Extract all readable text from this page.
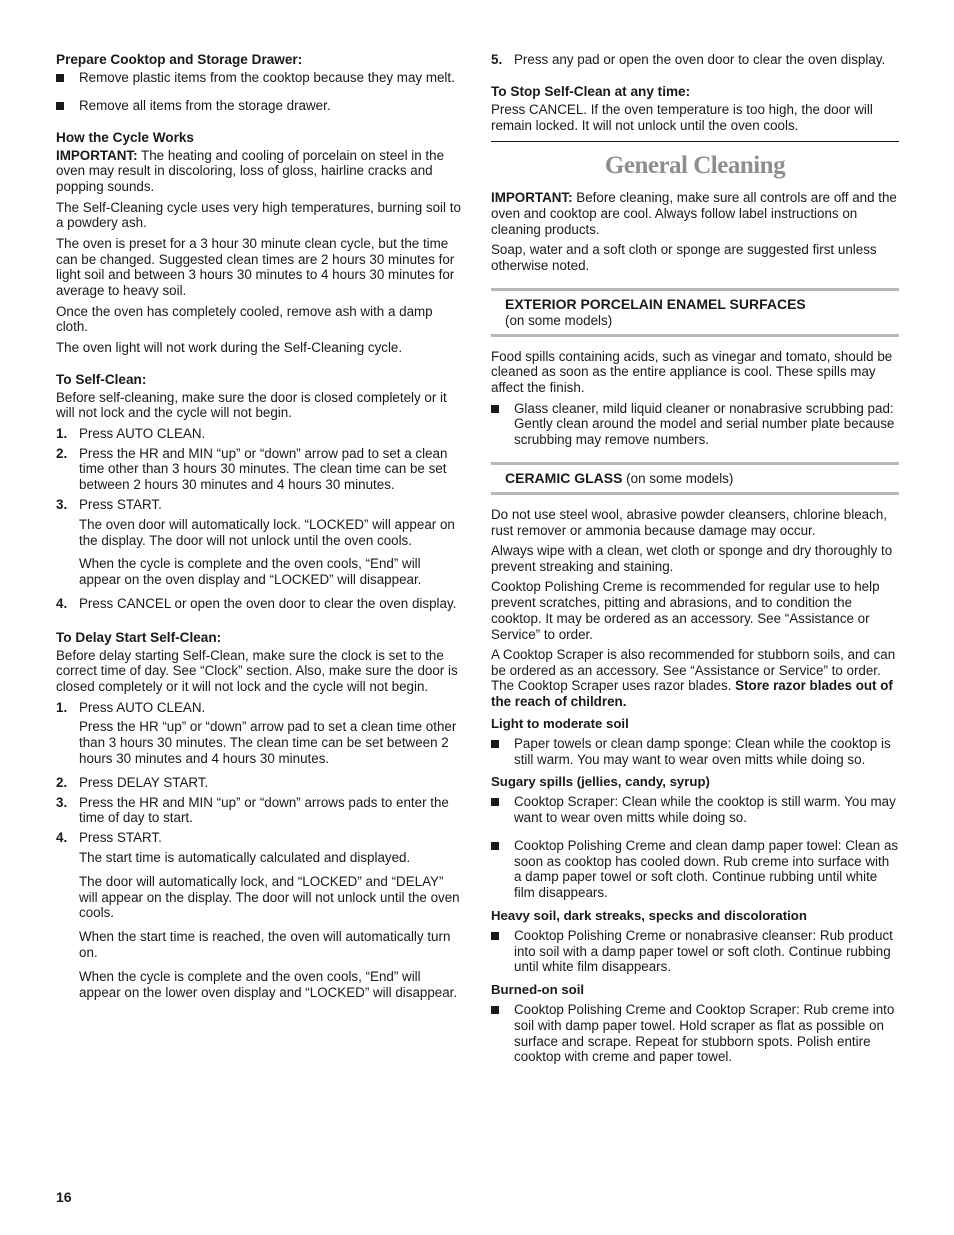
Prepare Cooktop and Storage Drawer:
Remove plastic items from the cooktop because they may melt.
Remove all items from the storage drawer.
How the Cycle Works

IMPORTANT: The heating and cooling of porcelain on steel in the oven may result in discoloring, loss of gloss, hairline cracks and popping sounds.

The Self-Cleaning cycle uses very high temperatures, burning soil to a powdery ash.

The oven is preset for a 3 hour 30 minute clean cycle, but the time can be changed. Suggested clean times are 2 hours 30 minutes for light soil and between 3 hours 30 minutes to 4 hours 30 minutes for average to heavy soil.

Once the oven has completely cooled, remove ash with a damp cloth.

The oven light will not work during the Self-Cleaning cycle.

To Self-Clean:

Before self-cleaning, make sure the door is closed completely or it will not lock and the cycle will not begin.

1. Press AUTO CLEAN.
2. Press the HR and MIN “up” or “down” arrow pad to set a clean time other than 3 hours 30 minutes. The clean time can be set between 2 hours 30 minutes and 4 hours 30 minutes.
3. Press START.
The oven door will automatically lock. “LOCKED” will appear on the display. The door will not unlock until the oven cools.
When the cycle is complete and the oven cools, “End” will appear on the oven display and “LOCKED” will disappear.
4. Press CANCEL or open the oven door to clear the oven display.
To Delay Start Self-Clean:

Before delay starting Self-Clean, make sure the clock is set to the correct time of day. See “Clock” section. Also, make sure the door is closed completely or it will not lock and the cycle will not begin.

1. Press AUTO CLEAN.
Press the HR “up” or “down” arrow pad to set a clean time other than 3 hours 30 minutes. The clean time can be set between 2 hours 30 minutes and 4 hours 30 minutes.
2. Press DELAY START.
3. Press the HR and MIN “up” or “down” arrows pads to enter the time of day to start.
4. Press START.
The start time is automatically calculated and displayed.
The door will automatically lock, and “LOCKED” and “DELAY” will appear on the display. The door will not unlock until the oven cools.
When the start time is reached, the oven will automatically turn on.
When the cycle is complete and the oven cools, “End” will appear on the lower oven display and “LOCKED” will disappear.
5. Press any pad or open the oven door to clear the oven display.
To Stop Self-Clean at any time:

Press CANCEL. If the oven temperature is too high, the door will remain locked. It will not unlock until the oven cools.

General Cleaning

IMPORTANT: Before cleaning, make sure all controls are off and the oven and cooktop are cool. Always follow label instructions on cleaning products.

Soap, water and a soft cloth or sponge are suggested first unless otherwise noted.

EXTERIOR PORCELAIN ENAMEL SURFACES
(on some models)

Food spills containing acids, such as vinegar and tomato, should be cleaned as soon as the entire appliance is cool. These spills may affect the finish.

Glass cleaner, mild liquid cleaner or nonabrasive scrubbing pad: Gently clean around the model and serial number plate because scrubbing may remove numbers.
CERAMIC GLASS (on some models)

Do not use steel wool, abrasive powder cleansers, chlorine bleach, rust remover or ammonia because damage may occur.

Always wipe with a clean, wet cloth or sponge and dry thoroughly to prevent streaking and staining.

Cooktop Polishing Creme is recommended for regular use to help prevent scratches, pitting and abrasions, and to condition the cooktop. It may be ordered as an accessory. See “Assistance or Service” to order.

A Cooktop Scraper is also recommended for stubborn soils, and can be ordered as an accessory. See “Assistance or Service” to order. The Cooktop Scraper uses razor blades. Store razor blades out of the reach of children.

Light to moderate soil
Paper towels or clean damp sponge: Clean while the cooktop is still warm. You may want to wear oven mitts while doing so.
Sugary spills (jellies, candy, syrup)
Cooktop Scraper: Clean while the cooktop is still warm. You may want to wear oven mitts while doing so.
Cooktop Polishing Creme and clean damp paper towel: Clean as soon as cooktop has cooled down. Rub creme into surface with a damp paper towel or soft cloth. Continue rubbing until white film disappears.
Heavy soil, dark streaks, specks and discoloration
Cooktop Polishing Creme or nonabrasive cleanser: Rub product into soil with a damp paper towel or soft cloth. Continue rubbing until white film disappears.
Burned-on soil
Cooktop Polishing Creme and Cooktop Scraper: Rub creme into soil with damp paper towel. Hold scraper as flat as possible on surface and scrape. Repeat for stubborn spots. Polish entire cooktop with creme and paper towel.
16
